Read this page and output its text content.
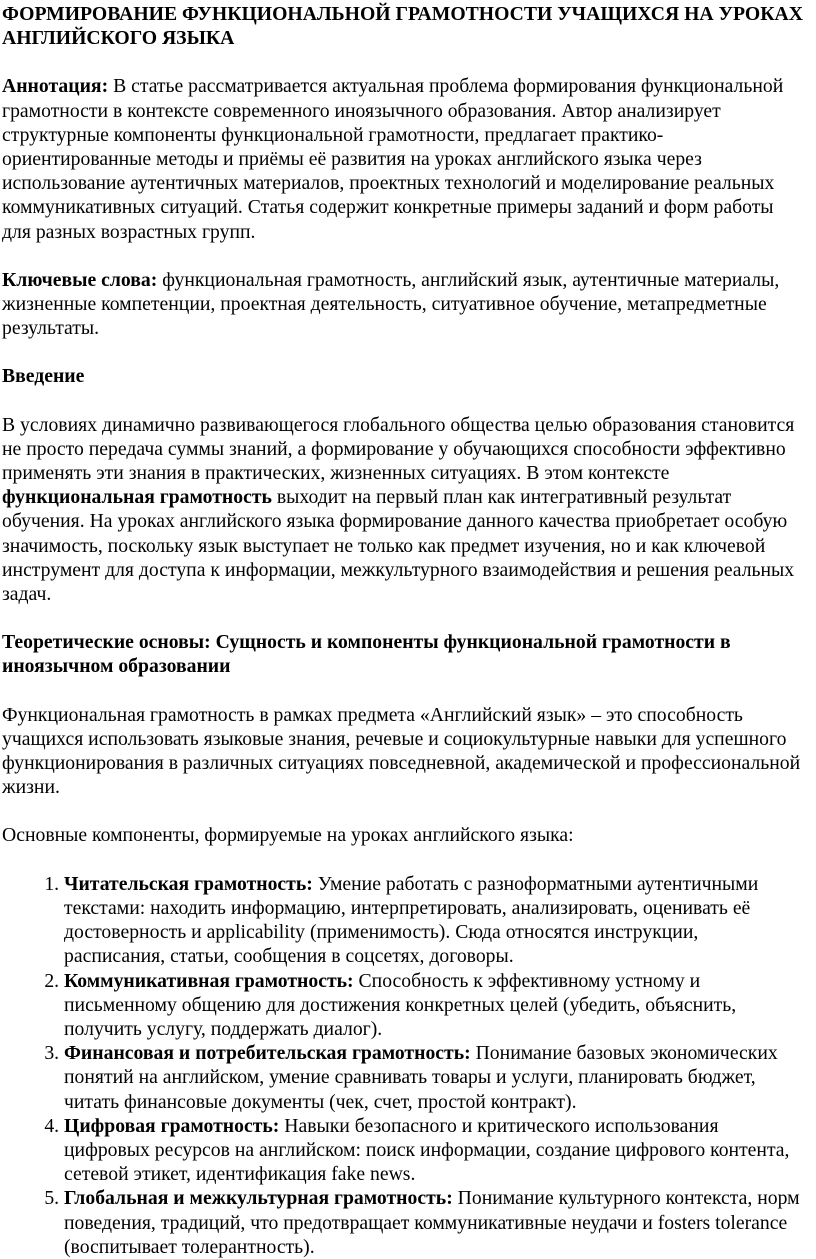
ФОРМИРОВАНИЕ ФУНКЦИОНАЛЬНОЙ ГРАМОТНОСТИ УЧАЩИХСЯ НА УРОКАХ АНГЛИЙСКОГО ЯЗЫКА

Аннотация: В статье рассматривается актуальная проблема формирования функциональной грамотности в контексте современного иноязычного образования. Автор анализирует структурные компоненты функциональной грамотности, предлагает практико-ориентированные методы и приёмы её развития на уроках английского языка через использование аутентичных материалов, проектных технологий и моделирование реальных коммуникативных ситуаций. Статья содержит конкретные примеры заданий и форм работы для разных возрастных групп.

Ключевые слова: функциональная грамотность, английский язык, аутентичные материалы, жизненные компетенции, проектная деятельность, ситуативное обучение, метапредметные результаты.

Введение

В условиях динамично развивающегося глобального общества целью образования становится не просто передача суммы знаний, а формирование у обучающихся способности эффективно применять эти знания в практических, жизненных ситуациях. В этом контексте функциональная грамотность выходит на первый план как интегративный результат обучения. На уроках английского языка формирование данного качества приобретает особую значимость, поскольку язык выступает не только как предмет изучения, но и как ключевой инструмент для доступа к информации, межкультурного взаимодействия и решения реальных задач.

Теоретические основы: Сущность и компоненты функциональной грамотности в иноязычном образовании

Функциональная грамотность в рамках предмета «Английский язык» – это способность учащихся использовать языковые знания, речевые и социокультурные навыки для успешного функционирования в различных ситуациях повседневной, академической и профессиональной жизни.

Основные компоненты, формируемые на уроках английского языка:

1. Читательская грамотность: Умение работать с разноформатными аутентичными текстами: находить информацию, интерпретировать, анализировать, оценивать её достоверность и applicability (применимость). Сюда относятся инструкции, расписания, статьи, сообщения в соцсетях, договоры.
2. Коммуникативная грамотность: Способность к эффективному устному и письменному общению для достижения конкретных целей (убедить, объяснить, получить услугу, поддержать диалог).
3. Финансовая и потребительская грамотность: Понимание базовых экономических понятий на английском, умение сравнивать товары и услуги, планировать бюджет, читать финансовые документы (чек, счет, простой контракт).
4. Цифровая грамотность: Навыки безопасного и критического использования цифровых ресурсов на английском: поиск информации, создание цифрового контента, сетевой этикет, идентификация fake news.
5. Глобальная и межкультурная грамотность: Понимание культурного контекста, норм поведения, традиций, что предотвращает коммуникативные неудачи и fosters tolerance (воспитывает толерантность).
